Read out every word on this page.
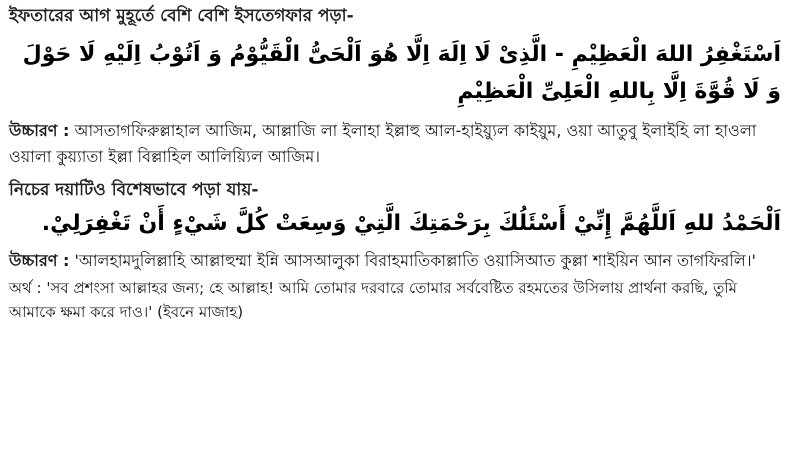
ইফতারের আগ মুহূর্তে বেশি বেশি ইসতেগফার পড়া-

اَسْتَغْفِرُ اللهَ الْعَظِيْمِ - الَّذِىْ لَا اِلَهَ اِلَّا هُوَ اَلْحَىُّ الْقَيُّوْمُ وَ اَتُوْبُ اِلَيْهِ لَا حَوْلَ وَ لَا قُوَّةَ اِلَّا بِاللهِ الْعَلِىِّ الْعَظِيْمِ

উচ্চারণ : আসতাগফিরুল্লাহাল আজিম, আল্লাজি লা ইলাহা ইল্লাহু আল-হাইয়্যুল কাইয়ুম, ওয়া আতুবু ইলাইহি লা হাওলা ওয়ালা কুয়্যাতা ইল্লা বিল্লাহিল আলিয়্যিল আজিম।

নিচের দয়াটিও বিশেষভাবে পড়া যায়-

اَلْحَمْدُ للهِ اَللَّهُمَّ إِنِّيْ أَسْئَلُكَ بِرَحْمَتِكَ الَّتِيْ وَسِعَتْ كُلَّ شَيْءٍ أَنْ تَغْفِرَلِيْ.

উচ্চারণ : 'আলহামদুলিল্লাহি আল্লাহুম্মা ইন্নি আসআলুকা বিরাহমাতিকাল্লাতি ওয়াসিআত কুল্লা শাইয়িন আন তাগফিরলি।'

অর্থ : 'সব প্রশংসা আল্লাহর জন্য; হে আল্লাহ! আমি তোমার দরবারে তোমার সর্ববেষ্টিত রহমতের উসিলায় প্রার্থনা করছি, তুমি আমাকে ক্ষমা করে দাও।' (ইবনে মাজাহ)
